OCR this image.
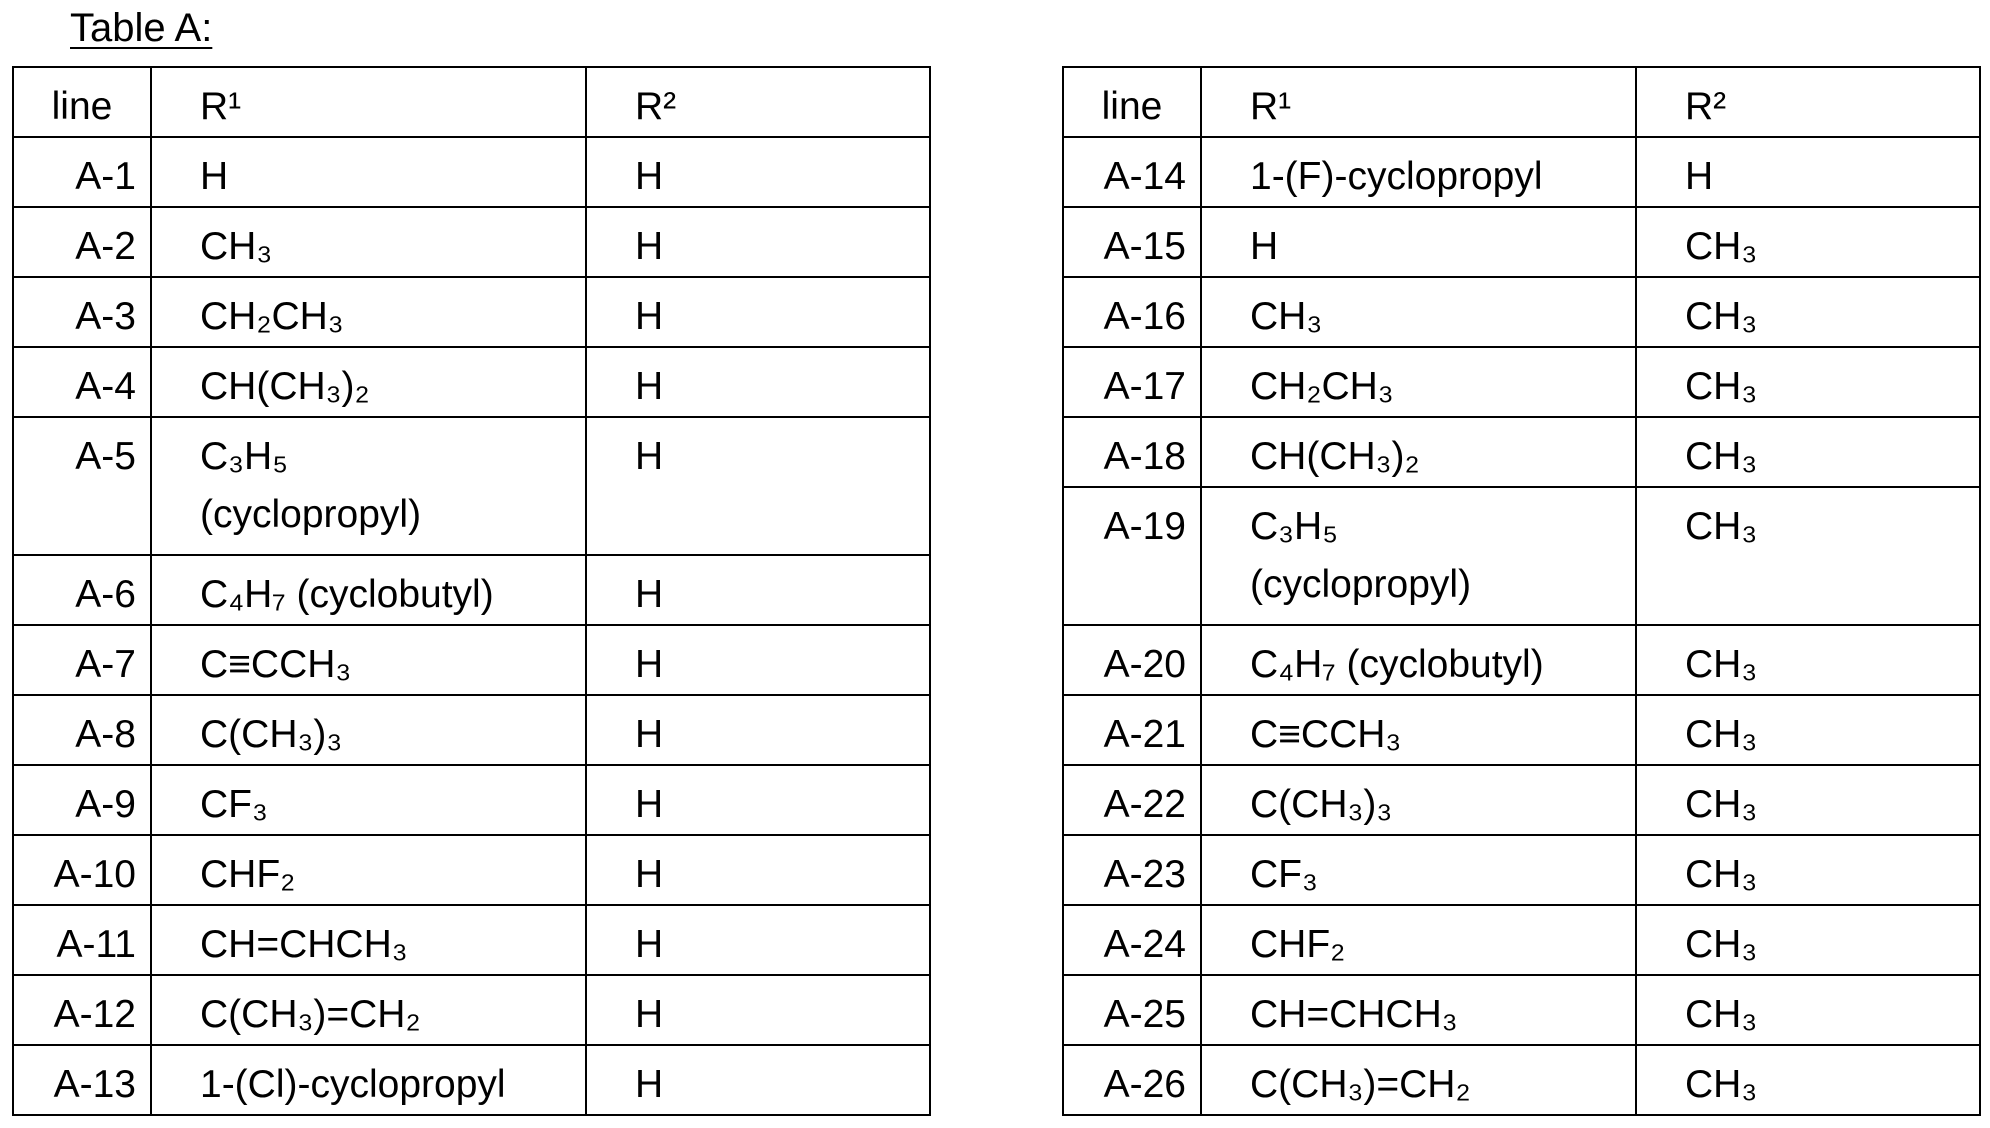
Table A:
line	R¹	R²
A-1	H	H
A-2	CH₃	H
A-3	CH₂CH₃	H
A-4	CH(CH₃)₂	H
A-5	C₃H₅
(cyclopropyl)	H
A-6	C₄H₇ (cyclobutyl)	H
A-7	C≡CCH₃	H
A-8	C(CH₃)₃	H
A-9	CF₃	H
A-10	CHF₂	H
A-11	CH=CHCH₃	H
A-12	C(CH₃)=CH₂	H
A-13	1-(Cl)-cyclopropyl	H
line	R¹	R²
A-14	1-(F)-cyclopropyl	H
A-15	H	CH₃
A-16	CH₃	CH₃
A-17	CH₂CH₃	CH₃
A-18	CH(CH₃)₂	CH₃
A-19	C₃H₅
(cyclopropyl)	CH₃
A-20	C₄H₇ (cyclobutyl)	CH₃
A-21	C≡CCH₃	CH₃
A-22	C(CH₃)₃	CH₃
A-23	CF₃	CH₃
A-24	CHF₂	CH₃
A-25	CH=CHCH₃	CH₃
A-26	C(CH₃)=CH₂	CH₃
